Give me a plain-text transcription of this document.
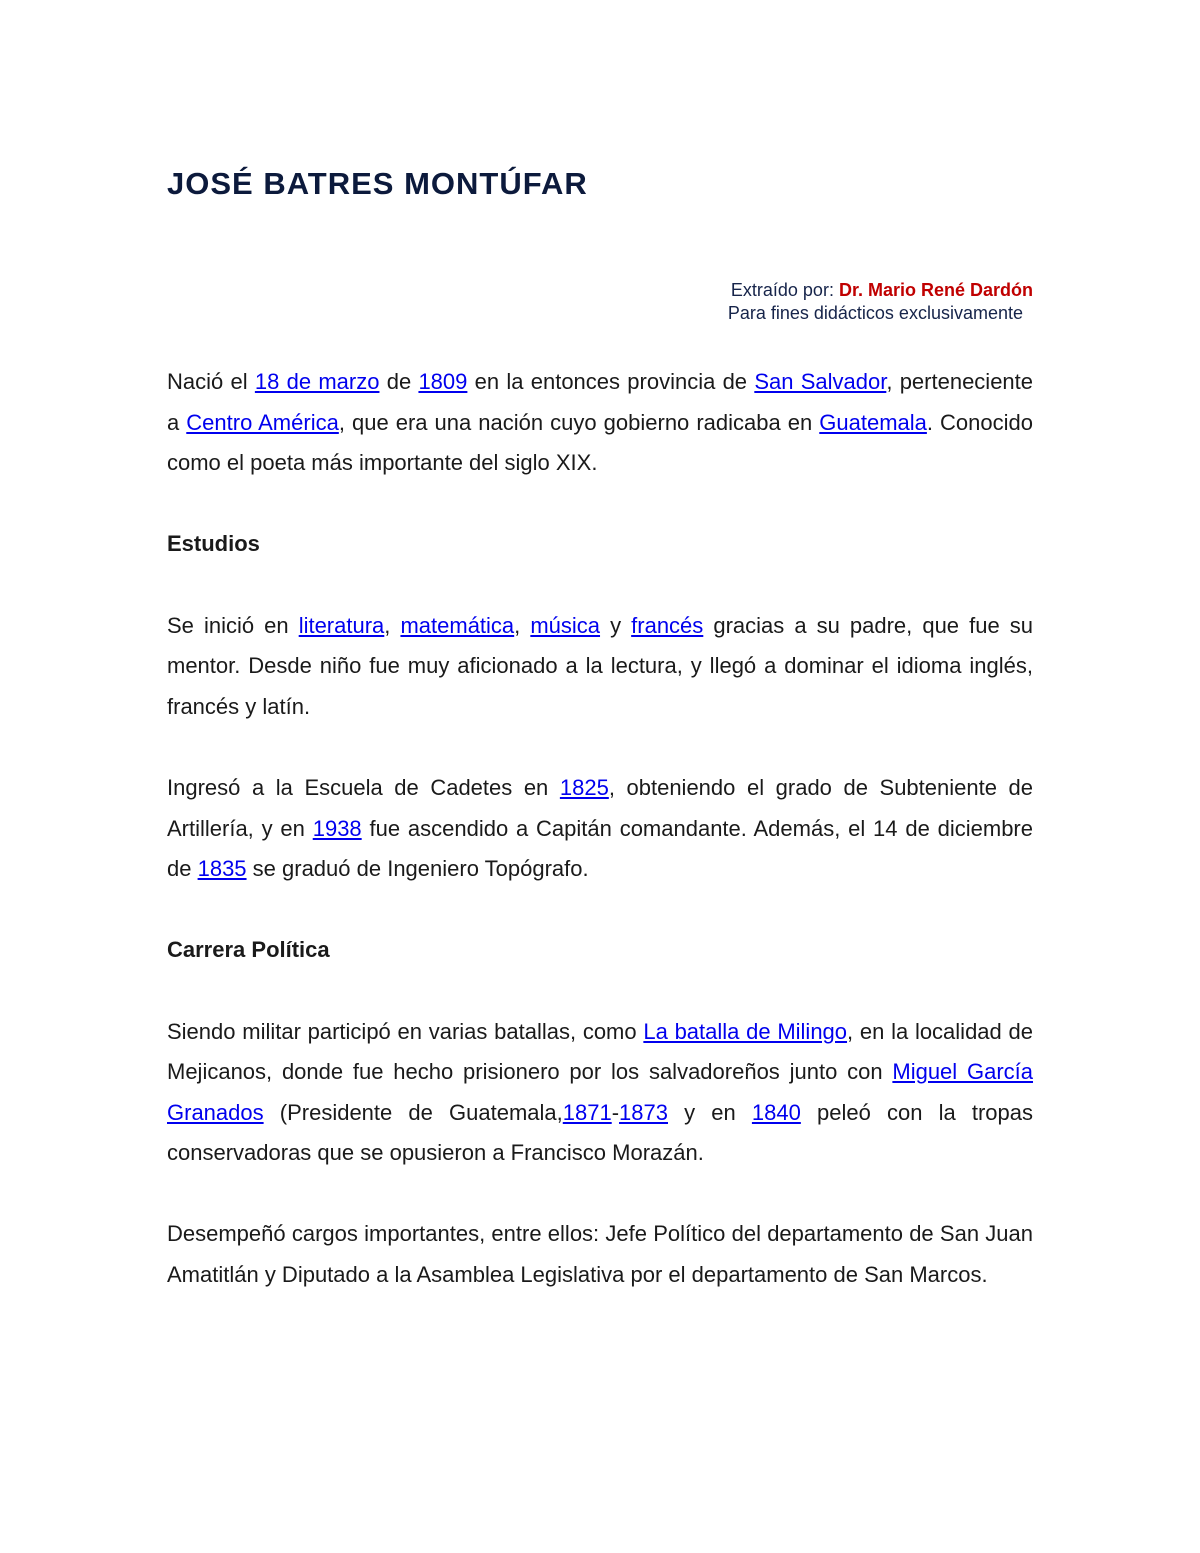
JOSÉ BATRES MONTÚFAR
Extraído por: Dr. Mario René Dardón
Para fines didácticos exclusivamente

Nació el 18 de marzo de 1809 en la entonces provincia de San Salvador, perteneciente a Centro América, que era una nación cuyo gobierno radicaba en Guatemala. Conocido como el poeta más importante del siglo XIX.

Estudios

Se inició en literatura, matemática, música y francés gracias a su padre, que fue su mentor. Desde niño fue muy aficionado a la lectura, y llegó a dominar el idioma inglés, francés y latín.

Ingresó a la Escuela de Cadetes en 1825, obteniendo el grado de Subteniente de Artillería, y en 1938 fue ascendido a Capitán comandante. Además, el 14 de diciembre de 1835 se graduó de Ingeniero Topógrafo.

Carrera Política

Siendo militar participó en varias batallas, como La batalla de Milingo, en la localidad de Mejicanos, donde fue hecho prisionero por los salvadoreños junto con Miguel García Granados (Presidente de Guatemala,1871-1873 y en 1840 peleó con la tropas conservadoras que se opusieron a Francisco Morazán.

Desempeñó cargos importantes, entre ellos: Jefe Político del departamento de San Juan Amatitlán y Diputado a la Asamblea Legislativa por el departamento de San Marcos.
